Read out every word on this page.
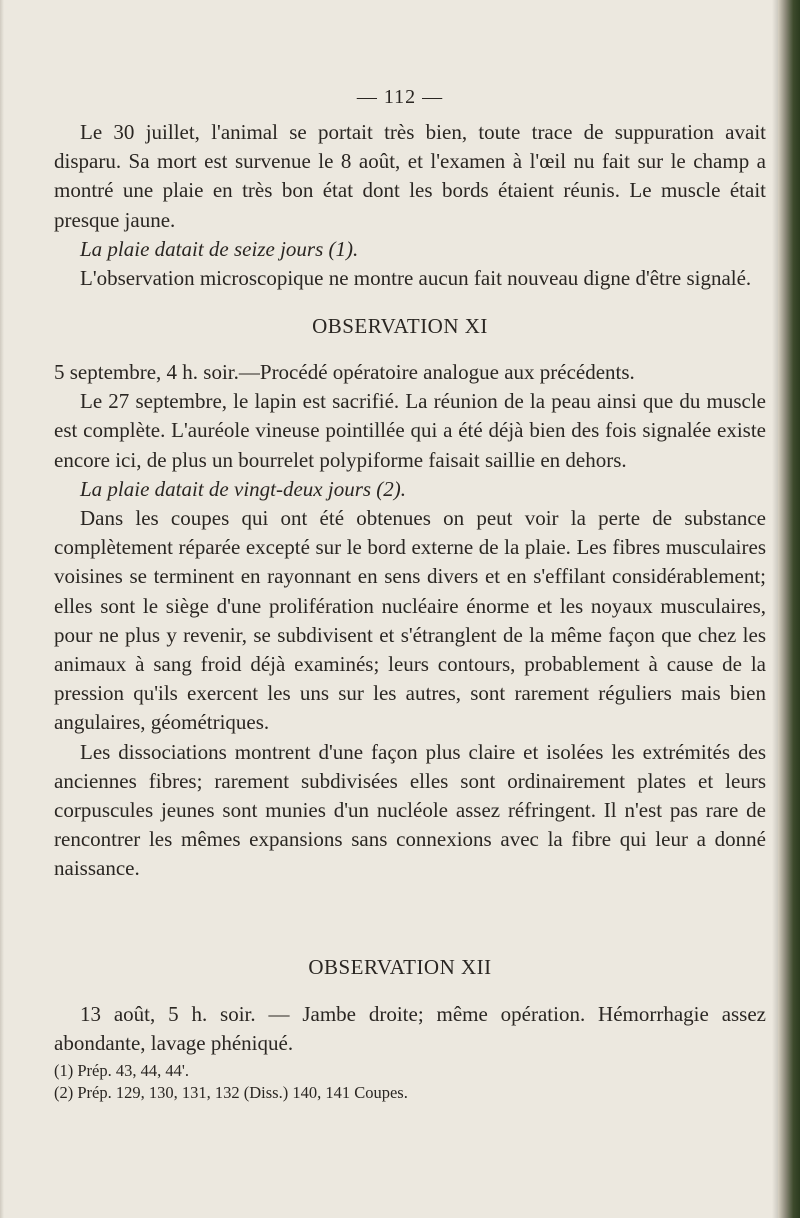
— 112 —

Le 30 juillet, l'animal se portait très bien, toute trace de suppuration avait disparu. Sa mort est survenue le 8 août, et l'examen à l'œil nu fait sur le champ a montré une plaie en très bon état dont les bords étaient réunis. Le muscle était presque jaune.

La plaie datait de seize jours (1).

L'observation microscopique ne montre aucun fait nouveau digne d'être signalé.

OBSERVATION XI

5 septembre, 4 h. soir.—Procédé opératoire analogue aux précédents.

Le 27 septembre, le lapin est sacrifié. La réunion de la peau ainsi que du muscle est complète. L'auréole vineuse pointillée qui a été déjà bien des fois signalée existe encore ici, de plus un bourrelet polypiforme faisait saillie en dehors.

La plaie datait de vingt-deux jours (2).

Dans les coupes qui ont été obtenues on peut voir la perte de substance complètement réparée excepté sur le bord externe de la plaie. Les fibres musculaires voisines se terminent en rayonnant en sens divers et en s'effilant considérablement; elles sont le siège d'une prolifération nucléaire énorme et les noyaux musculaires, pour ne plus y revenir, se subdivisent et s'étranglent de la même façon que chez les animaux à sang froid déjà examinés; leurs contours, probablement à cause de la pression qu'ils exercent les uns sur les autres, sont rarement réguliers mais bien angulaires, géométriques.

Les dissociations montrent d'une façon plus claire et isolées les extrémités des anciennes fibres; rarement subdivisées elles sont ordinairement plates et leurs corpuscules jeunes sont munies d'un nucléole assez réfringent. Il n'est pas rare de rencontrer les mêmes expansions sans connexions avec la fibre qui leur a donné naissance.

OBSERVATION XII

13 août, 5 h. soir. — Jambe droite; même opération. Hémorrhagie assez abondante, lavage phéniqué.

(1) Prép. 43, 44, 44'.

(2) Prép. 129, 130, 131, 132 (Diss.) 140, 141 Coupes.
